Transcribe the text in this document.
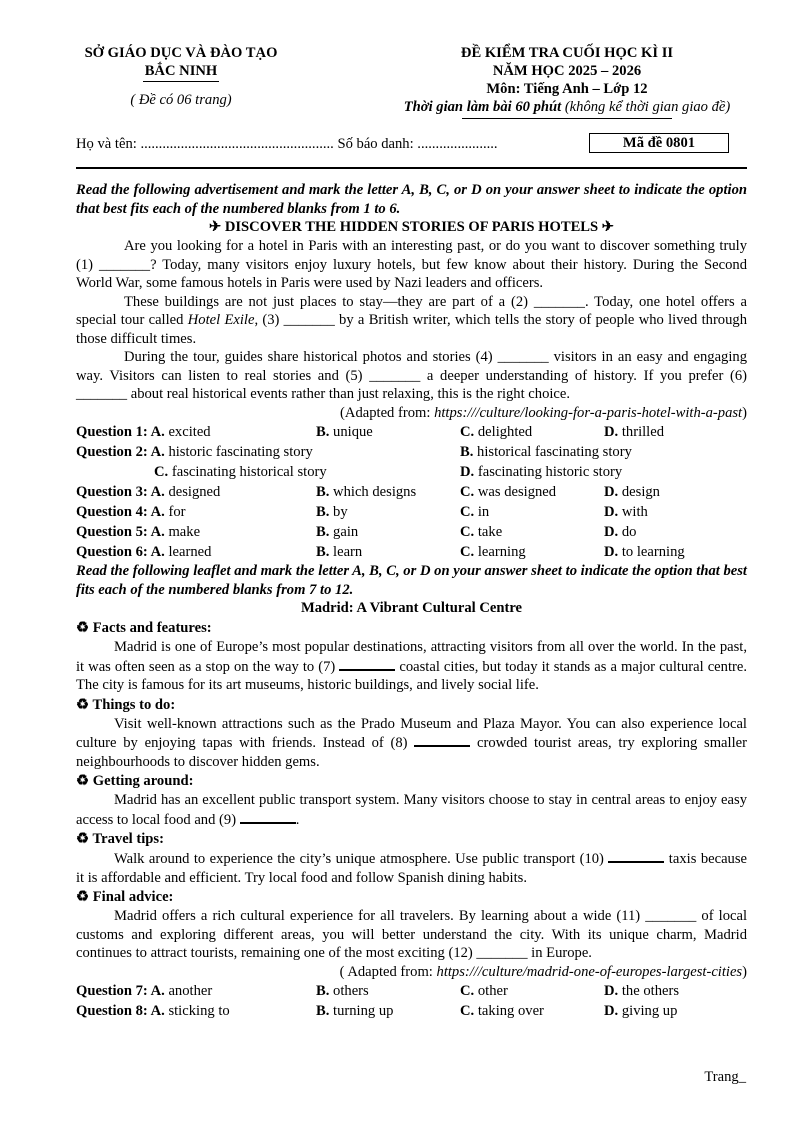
SỞ GIÁO DỤC VÀ ĐÀO TẠO
BẮC NINH
( Đề có 06 trang)
ĐỀ KIỂM TRA CUỐI HỌC KÌ II
NĂM HỌC 2025 – 2026
Môn: Tiếng Anh – Lớp 12
Thời gian làm bài 60 phút (không kể thời gian giao đề)
Họ và tên: ..................................................... Số báo danh: ......................	Mã đề 0801
Read the following advertisement and mark the letter A, B, C, or D on your answer sheet to indicate the option that best fits each of the numbered blanks from 1 to 6.
✈ DISCOVER THE HIDDEN STORIES OF PARIS HOTELS ✈
Are you looking for a hotel in Paris with an interesting past, or do you want to discover something truly (1) _______? Today, many visitors enjoy luxury hotels, but few know about their history. During the Second World War, some famous hotels in Paris were used by Nazi leaders and officers.
These buildings are not just places to stay—they are part of a (2) _______. Today, one hotel offers a special tour called Hotel Exile, (3) _______ by a British writer, which tells the story of people who lived through those difficult times.
During the tour, guides share historical photos and stories (4) _______ visitors in an easy and engaging way. Visitors can listen to real stories and (5) _______ a deeper understanding of history. If you prefer (6) _______ about real historical events rather than just relaxing, this is the right choice.
(Adapted from: https:///culture/looking-for-a-paris-hotel-with-a-past)
Question 1: A. excited	B. unique	C. delighted	D. thrilled
Question 2: A. historic fascinating story	B. historical fascinating story
C. fascinating historical story	D. fascinating historic story
Question 3: A. designed	B. which designs	C. was designed	D. design
Question 4: A. for	B. by	C. in	D. with
Question 5: A. make	B. gain	C. take	D. do
Question 6: A. learned	B. learn	C. learning	D. to learning
Read the following leaflet and mark the letter A, B, C, or D on your answer sheet to indicate the option that best fits each of the numbered blanks from 7 to 12.
Madrid: A Vibrant Cultural Centre
♻ Facts and features:
Madrid is one of Europe’s most popular destinations, attracting visitors from all over the world. In the past, it was often seen as a stop on the way to (7)	coastal cities, but today it stands as a major cultural centre. The city is famous for its art museums, historic buildings, and lively social life.
♻ Things to do:
Visit well-known attractions such as the Prado Museum and Plaza Mayor. You can also experience local culture by enjoying tapas with friends. Instead of (8)	crowded tourist areas, try exploring smaller neighbourhoods to discover hidden gems.
♻ Getting around:
Madrid has an excellent public transport system. Many visitors choose to stay in central areas to enjoy easy access to local food and (9)	.
♻ Travel tips:
Walk around to experience the city’s unique atmosphere. Use public transport (10)	taxis because it is affordable and efficient. Try local food and follow Spanish dining habits.
♻ Final advice:
Madrid offers a rich cultural experience for all travelers. By learning about a wide (11) _______ of local customs and exploring different areas, you will better understand the city. With its unique charm, Madrid continues to attract tourists, remaining one of the most exciting (12) _______ in Europe.
( Adapted from: https:///culture/madrid-one-of-europes-largest-cities)
Question 7: A. another	B. others	C. other	D. the others
Question 8: A. sticking to	B. turning up	C. taking over	D. giving up
Trang_
